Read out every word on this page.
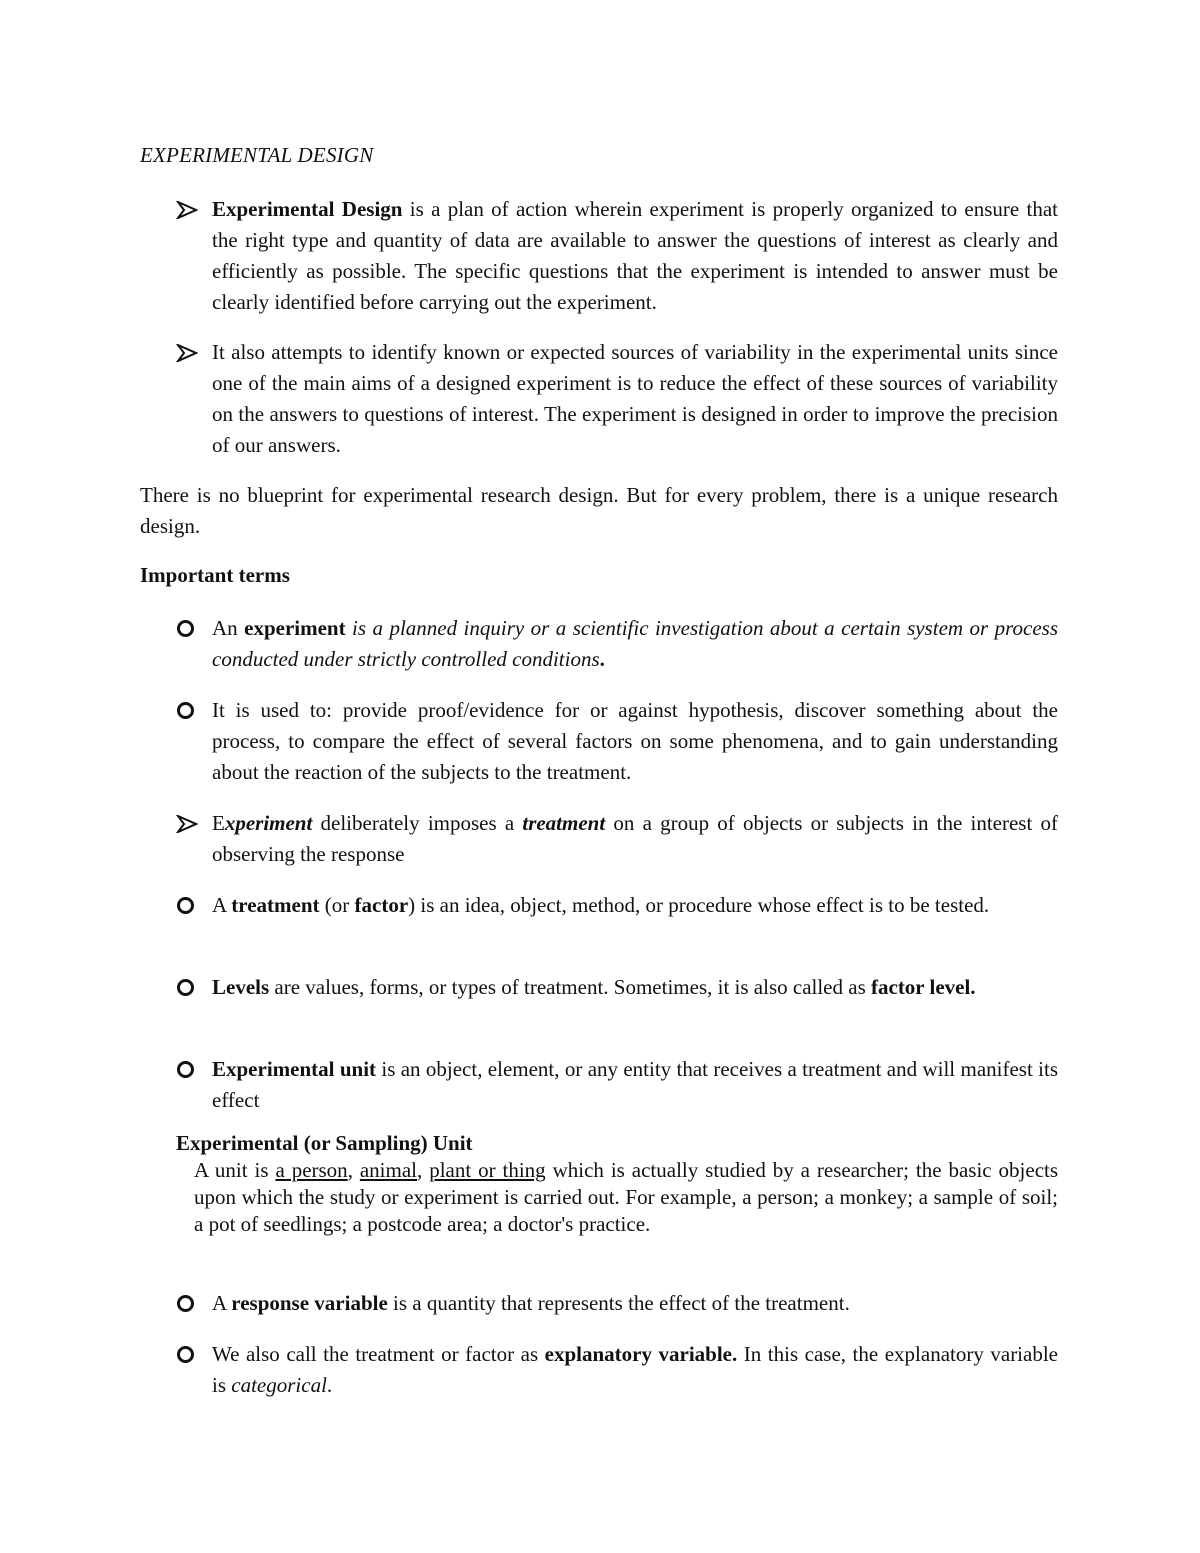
EXPERIMENTAL DESIGN
Experimental Design is a plan of action wherein experiment is properly organized to ensure that the right type and quantity of data are available to answer the questions of interest as clearly and efficiently as possible. The specific questions that the experiment is intended to answer must be clearly identified before carrying out the experiment.
It also attempts to identify known or expected sources of variability in the experimental units since one of the main aims of a designed experiment is to reduce the effect of these sources of variability on the answers to questions of interest. The experiment is designed in order to improve the precision of our answers.
There is no blueprint for experimental research design. But for every problem, there is a unique research design.
Important terms
An experiment is a planned inquiry or a scientific investigation about a certain system or process conducted under strictly controlled conditions.
It is used to: provide proof/evidence for or against hypothesis, discover something about the process, to compare the effect of several factors on some phenomena, and to gain understanding about the reaction of the subjects to the treatment.
Experiment deliberately imposes a treatment on a group of objects or subjects in the interest of observing the response
A treatment (or factor) is an idea, object, method, or procedure whose effect is to be tested.
Levels are values, forms, or types of treatment. Sometimes, it is also called as factor level.
Experimental unit is an object, element, or any entity that receives a treatment and will manifest its effect
Experimental (or Sampling) Unit
A unit is a person, animal, plant or thing which is actually studied by a researcher; the basic objects upon which the study or experiment is carried out. For example, a person; a monkey; a sample of soil; a pot of seedlings; a postcode area; a doctor's practice.
A response variable is a quantity that represents the effect of the treatment.
We also call the treatment or factor as explanatory variable. In this case, the explanatory variable is categorical.
